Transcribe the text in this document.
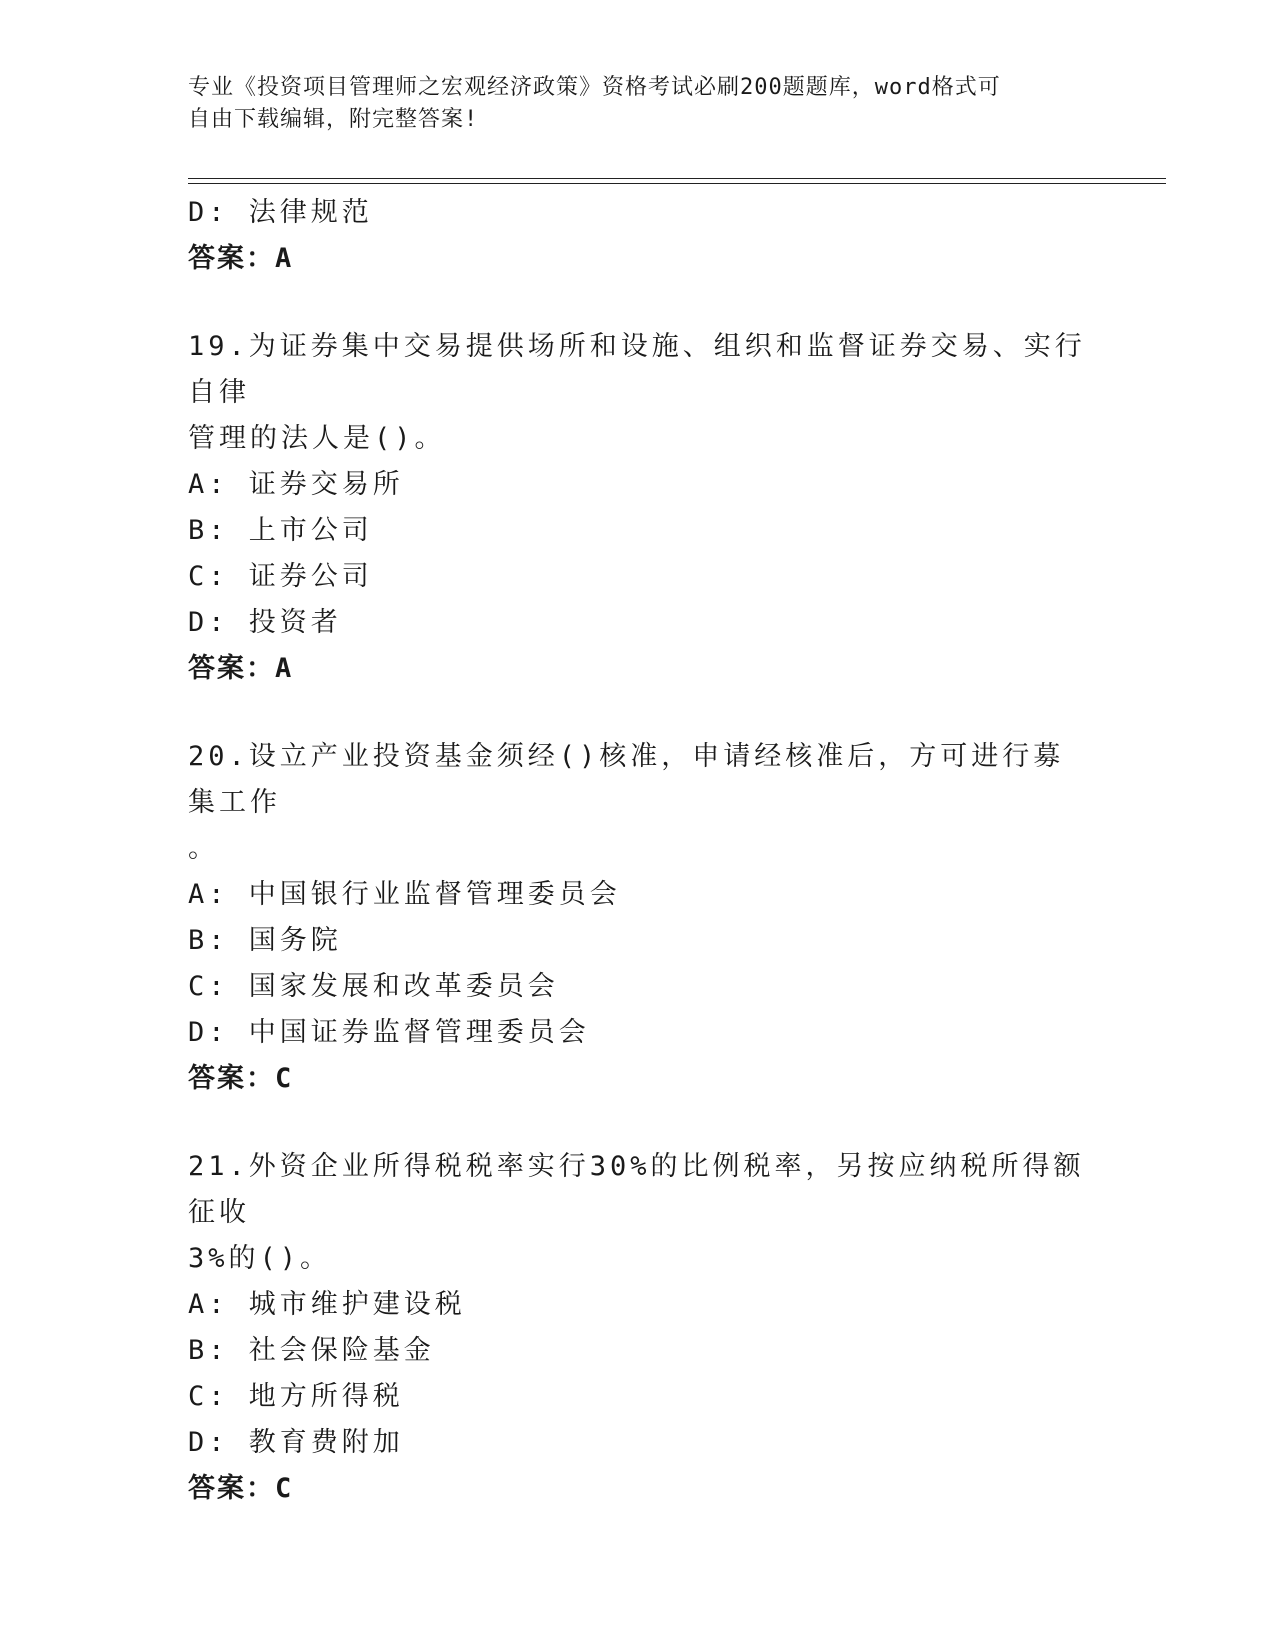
专业《投资项目管理师之宏观经济政策》资格考试必刷200题题库，word格式可
自由下载编辑，附完整答案!
D: 法律规范
答案：A
19.为证券集中交易提供场所和设施、组织和监督证券交易、实行自律
管理的法人是()。
A: 证券交易所
B: 上市公司
C: 证券公司
D: 投资者
答案：A
20.设立产业投资基金须经()核准，申请经核准后，方可进行募集工作
。
A: 中国银行业监督管理委员会
B: 国务院
C: 国家发展和改革委员会
D: 中国证券监督管理委员会
答案：C
21.外资企业所得税税率实行30%的比例税率，另按应纳税所得额征收
3%的()。
A: 城市维护建设税
B: 社会保险基金
C: 地方所得税
D: 教育费附加
答案：C
